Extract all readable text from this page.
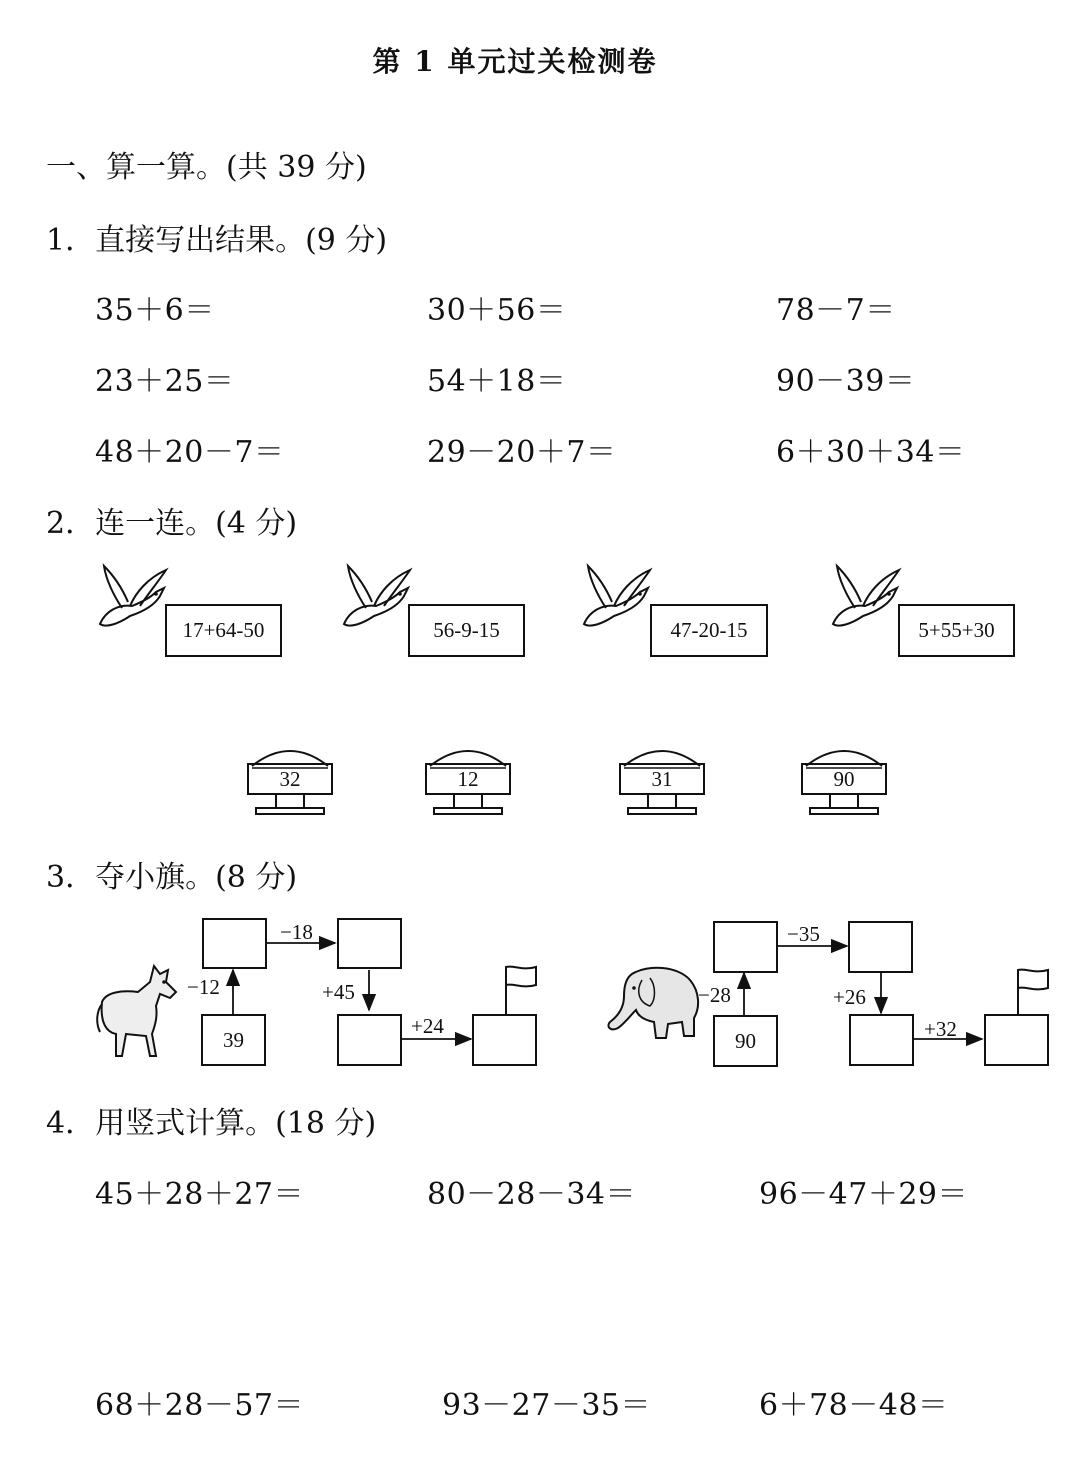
第 1 单元过关检测卷
一、算一算。(共 39 分)
1．直接写出结果。(9 分)
35＋6＝	30＋56＝	78－7＝
23＋25＝	54＋18＝	90－39＝
48＋20－7＝	29－20＋7＝	6＋30＋34＝
2．连一连。(4 分)
17+64-50	56-9-15	47-20-15	5+55+30
32	12	31	90
3．夺小旗。(8 分)
39
−12
−18
+45
+24
90
−28
−35
+26
+32
4．用竖式计算。(18 分)
45＋28＋27＝	80－28－34＝	96－47＋29＝
68＋28－57＝	93－27－35＝	6＋78－48＝
